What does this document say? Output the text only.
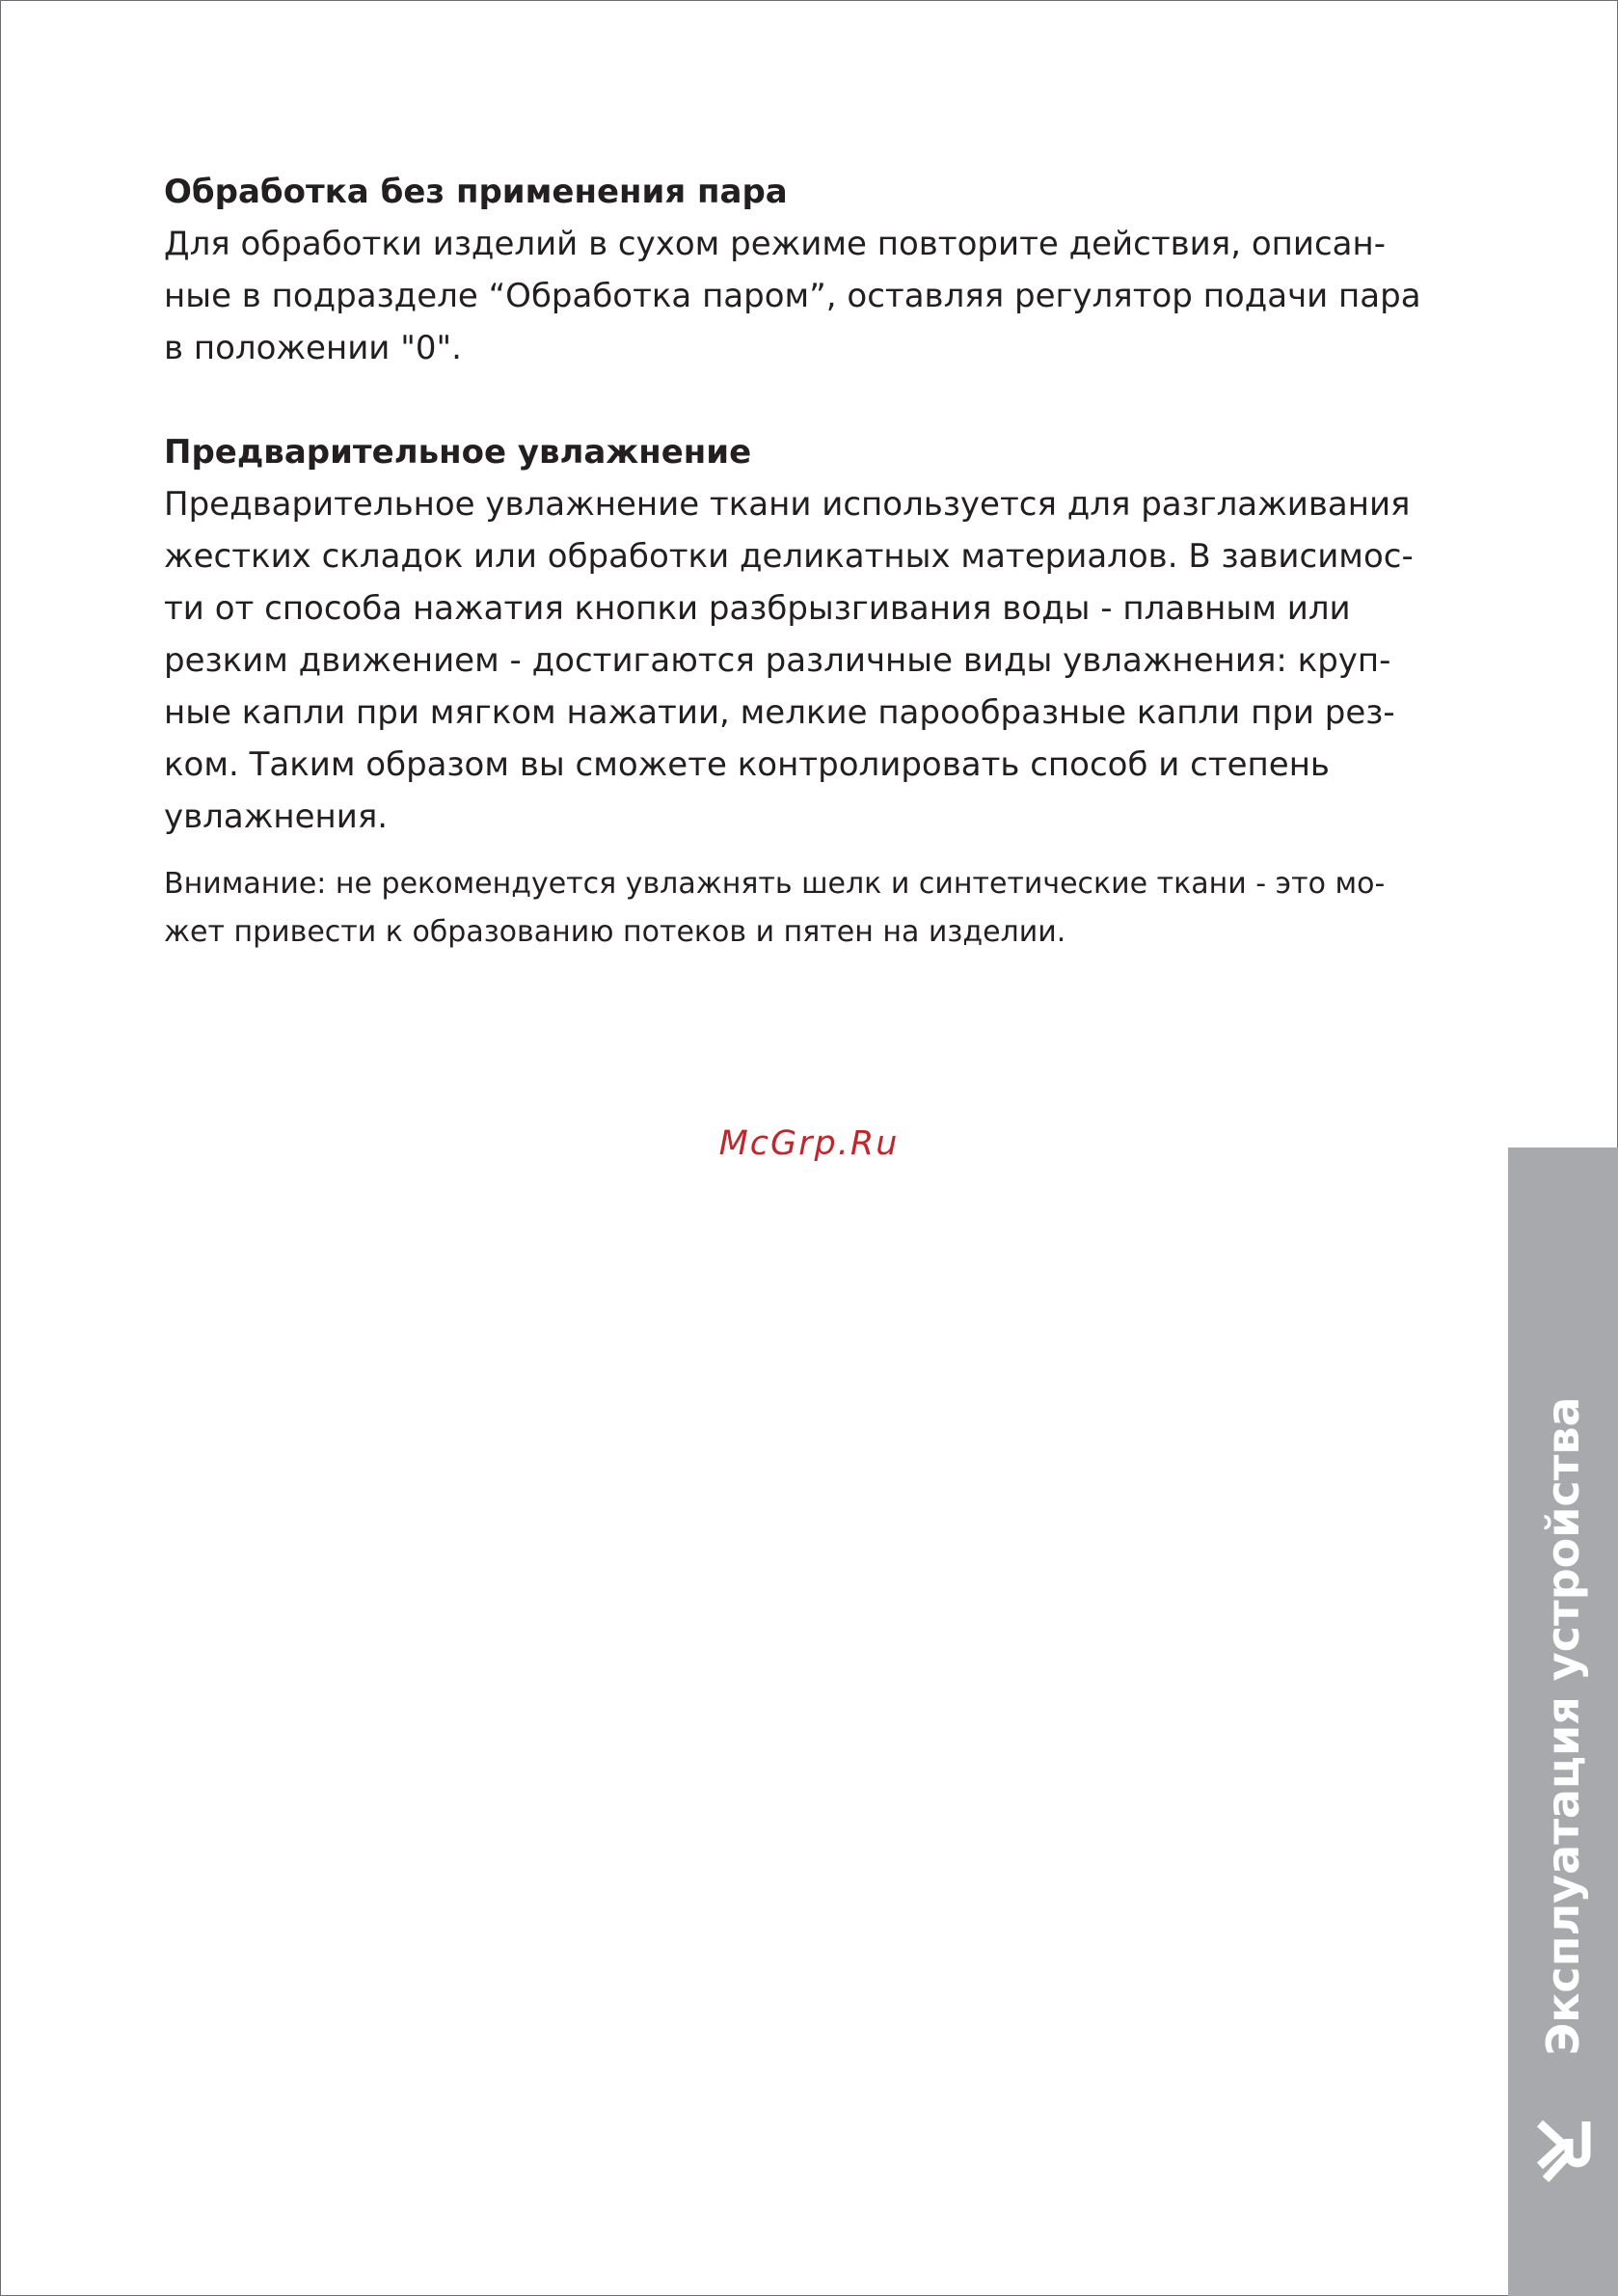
Обработка без применения пара
Для обработки изделий в сухом режиме повторите действия, описан-
ные в подразделе “Обработка паром”, оставляя регулятор подачи пара
в положении "0".
Предварительное увлажнение
Предварительное увлажнение ткани используется для разглаживания
жестких складок или обработки деликатных материалов. В зависимос-
ти от способа нажатия кнопки разбрызгивания воды - плавным или
резким движением - достигаются различные виды увлажнения: круп-
ные капли при мягком нажатии, мелкие парообразные капли при рез-
ком. Таким образом вы сможете контролировать способ и степень
увлажнения.
Внимание: не рекомендуется увлажнять шелк и синтетические ткани - это мо-
жет привести к образованию потеков и пятен на изделии.
McGrp.Ru
Эксплуатация устройства
